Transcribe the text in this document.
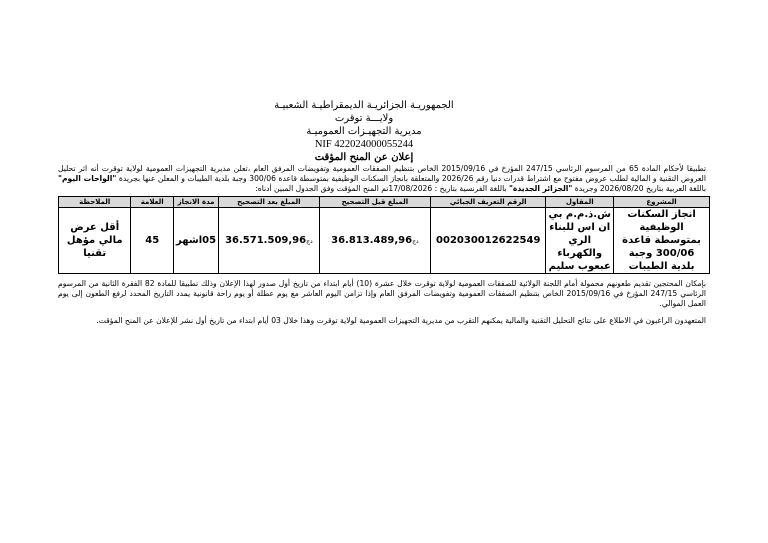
الجمهوريـة الجزائريـة الديمقراطيـة الشعبيـة
ولايـــة توقرت
مديرية التجهيـزات العموميـة
NIF 422024000055244
إعلان عن المنح المؤقت
تطبيقا لأحكام المادة 65 من المرسوم الرئاسي 247/15 المؤرخ في 2015/09/16 الخاص بتنظيم الصفقات العمومية وتفويضات المرفق العام ،تعلن مديرية التجهيزات العمومية لولاية توقرت أنه اثر تحليل العروض التقنية و المالية لطلب عروض مفتوح مع اشتراط قدرات دنيا رقم 2026/26 والمتعلقة بانجاز السكنات الوظيفية بمتوسطة قاعدة 300/06 وجبة بلدية الطيبات و المعلن عنها بجريدة "الواحات اليوم" باللغة العربية بتاريخ 2026/08/20 وجريدة "الجزائر الجديدة" باللغة الفرنسية بتاريخ : 17/08/2026تم المنح المؤقت وفق الجدول المبين أدناه:
المشروع	المقاول	الرقم التعريف الجبائي	المبلغ قبل التصحيح	المبلغ بعد التصحيح	مدة الانجاز	العلامة	الملاحظة
انجاز السكنات الوظيفية بمتوسطة قاعدة 300/06 وجبة بلدية الطيبات	ش.ذ.م.م بي ان اس للبناء الري والكهرباء عبعوب سليم	002030012622549	دج36.813.489,96	دج36.571.509,96	05اشهر	45	أقل عرض مالي مؤهل تقنيا
بإمكان المحتجين تقديم طعونهم محمولة أمام اللجنة الولائية للصفقات العمومية لولاية توقرت خلال عشرة (10) أيام ابتداء من تاريخ أول صدور لهذا الإعلان وذلك تطبيقا للمادة 82 الفقرة الثانية من المرسوم الرئاسي 247/15 المؤرخ في 2015/09/16 الخاص بتنظيم الصفقات العمومية وتفويضات المرفق العام وإذا تزامن اليوم العاشر مع يوم عطلة أو يوم راحة قانونية يمدد التاريخ المحدد لرفع الطعون إلى يوم العمل الموالي.
المتعهدون الراغبون في الاطلاع على نتائج التحليل التقنية والمالية يمكنهم التقرب من مديرية التجهيزات العمومية لولاية توقرت وهذا خلال 03 أيام ابتداء من تاريخ أول نشر للإعلان عن المنح المؤقت.
